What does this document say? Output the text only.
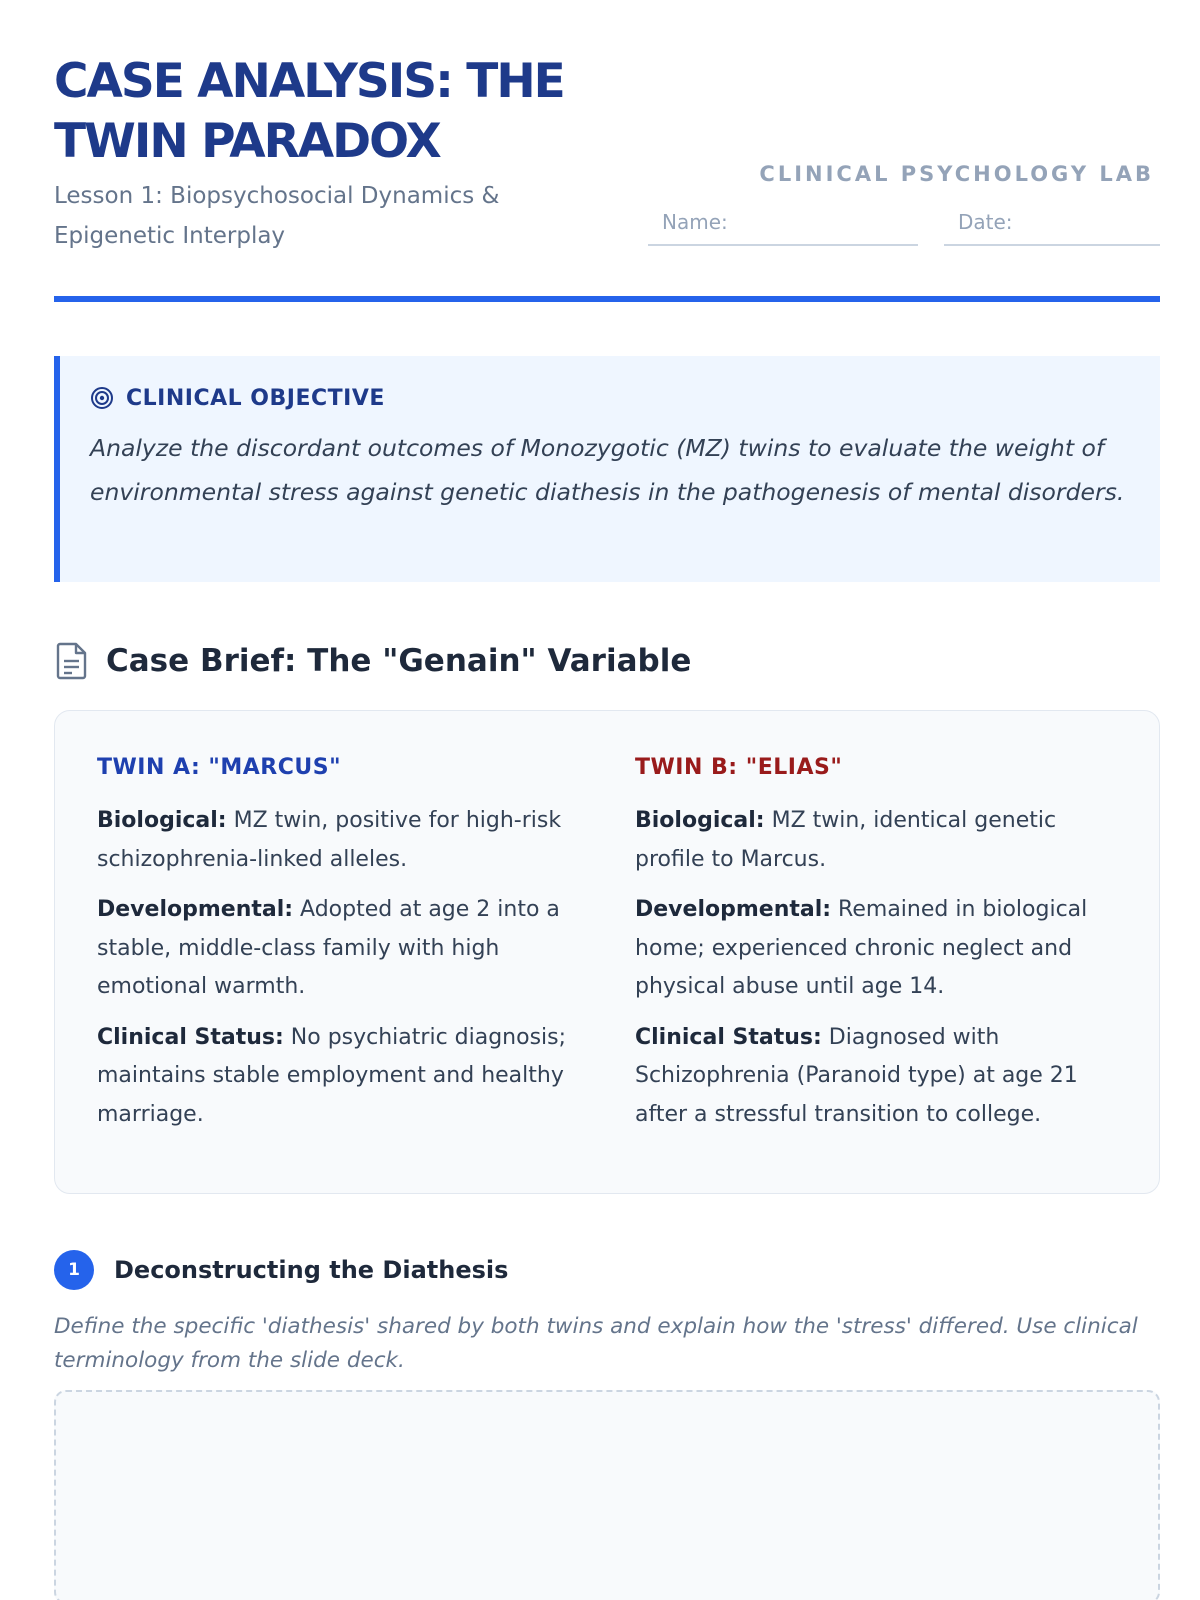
CASE ANALYSIS: THE TWIN PARADOX
Lesson 1: Biopsychosocial Dynamics & Epigenetic Interplay
CLINICAL PSYCHOLOGY LAB
Name:	Date:
CLINICAL OBJECTIVE

Analyze the discordant outcomes of Monozygotic (MZ) twins to evaluate the weight of environmental stress against genetic diathesis in the pathogenesis of mental disorders.

Case Brief: The "Genain" Variable
TWIN A: "MARCUS"

Biological: MZ twin, positive for high-risk schizophrenia-linked alleles.

Developmental: Adopted at age 2 into a stable, middle-class family with high emotional warmth.

Clinical Status: No psychiatric diagnosis; maintains stable employment and healthy marriage.

TWIN B: "ELIAS"

Biological: MZ twin, identical genetic profile to Marcus.

Developmental: Remained in biological home; experienced chronic neglect and physical abuse until age 14.

Clinical Status: Diagnosed with Schizophrenia (Paranoid type) at age 21 after a stressful transition to college.

1	Deconstructing the Diathesis

Define the specific 'diathesis' shared by both twins and explain how the 'stress' differed. Use clinical terminology from the slide deck.
